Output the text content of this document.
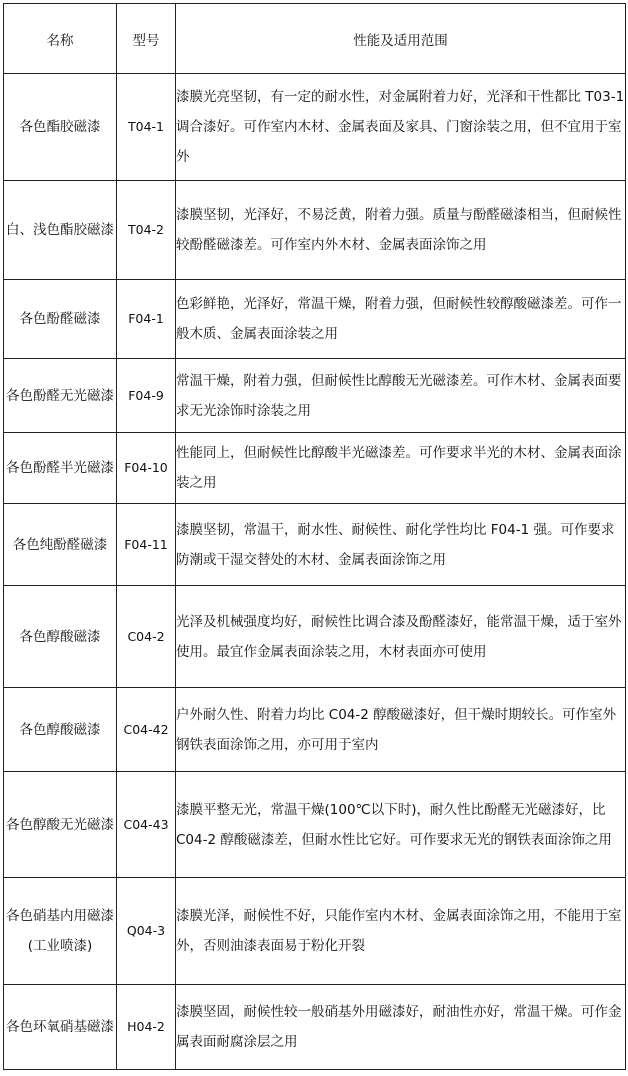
名称	型号	性能及适用范围
各色酯胶磁漆	T04-1	漆膜光亮坚韧，有一定的耐水性，对金属附着力好，光泽和干性都比 T03-1 调合漆好。可作室内木材、金属表面及家具、门窗涂装之用，但不宜用于室外
白、浅色酯胶磁漆	T04-2	漆膜坚韧，光泽好，不易泛黄，附着力强。质量与酚醛磁漆相当，但耐候性较酚醛磁漆差。可作室内外木材、金属表面涂饰之用
各色酚醛磁漆	F04-1	色彩鲜艳，光泽好，常温干燥，附着力强，但耐候性较醇酸磁漆差。可作一般木质、金属表面涂装之用
各色酚醛无光磁漆	F04-9	常温干燥，附着力强，但耐候性比醇酸无光磁漆差。可作木材、金属表面要求无光涂饰时涂装之用
各色酚醛半光磁漆	F04-10	性能同上，但耐候性比醇酸半光磁漆差。可作要求半光的木材、金属表面涂装之用
各色纯酚醛磁漆	F04-11	漆膜坚韧，常温干，耐水性、耐候性、耐化学性均比 F04-1 强。可作要求防潮或干湿交替处的木材、金属表面涂饰之用
各色醇酸磁漆	C04-2	光泽及机械强度均好，耐候性比调合漆及酚醛漆好，能常温干燥，适于室外使用。最宜作金属表面涂装之用，木材表面亦可使用
各色醇酸磁漆	C04-42	户外耐久性、附着力均比 C04-2 醇酸磁漆好，但干燥时期较长。可作室外钢铁表面涂饰之用，亦可用于室内
各色醇酸无光磁漆	C04-43	漆膜平整无光，常温干燥(100℃以下时)，耐久性比酚醛无光磁漆好，比 C04-2 醇酸磁漆差，但耐水性比它好。可作要求无光的钢铁表面涂饰之用
各色硝基内用磁漆(工业喷漆)	Q04-3	漆膜光泽，耐候性不好，只能作室内木材、金属表面涂饰之用，不能用于室外，否则油漆表面易于粉化开裂
各色环氧硝基磁漆	H04-2	漆膜坚固，耐候性较一般硝基外用磁漆好，耐油性亦好，常温干燥。可作金属表面耐腐涂层之用
